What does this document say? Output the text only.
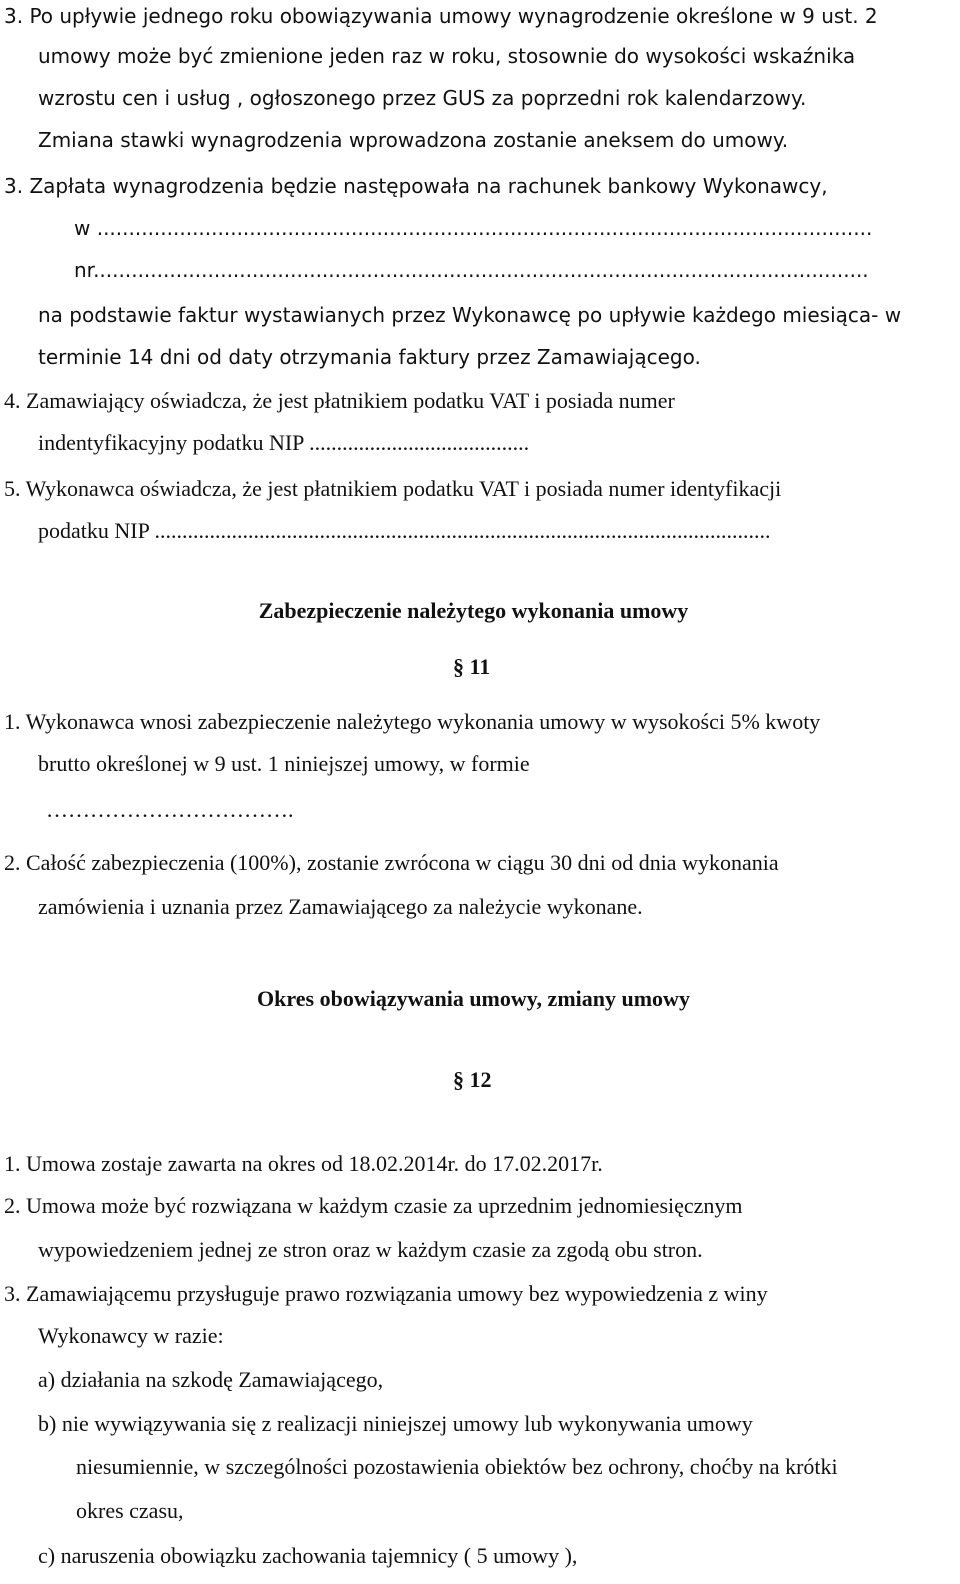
3. Po upływie jednego roku obowiązywania umowy wynagrodzenie określone w 9 ust. 2
umowy może być zmienione jeden raz w roku, stosownie do wysokości wskaźnika
wzrostu cen i usług , ogłoszonego przez GUS za poprzedni rok kalendarzowy.
Zmiana stawki wynagrodzenia wprowadzona zostanie aneksem do umowy.
3. Zapłata wynagrodzenia będzie następowała na rachunek bankowy Wykonawcy,
w ..........................................................................................................................
nr..........................................................................................................................
na podstawie faktur wystawianych przez Wykonawcę po upływie każdego miesiąca- w
terminie 14 dni od daty otrzymania faktury przez Zamawiającego.
4. Zamawiający oświadcza, że jest płatnikiem podatku VAT i posiada numer
indentyfikacyjny podatku NIP ........................................
5. Wykonawca oświadcza, że jest płatnikiem podatku VAT i posiada numer identyfikacji
podatku NIP ................................................................................................................
Zabezpieczenie należytego wykonania umowy
§ 11
1. Wykonawca wnosi zabezpieczenie należytego wykonania umowy w wysokości 5% kwoty
brutto określonej w 9 ust. 1 niniejszej umowy, w formie
…………………………….
2. Całość zabezpieczenia (100%), zostanie zwrócona w ciągu 30 dni od dnia wykonania
zamówienia i uznania przez Zamawiającego za należycie wykonane.
Okres obowiązywania umowy, zmiany umowy
§ 12
1. Umowa zostaje zawarta na okres od 18.02.2014r. do 17.02.2017r.
2. Umowa może być rozwiązana w każdym czasie za uprzednim jednomiesięcznym
wypowiedzeniem jednej ze stron oraz w każdym czasie za zgodą obu stron.
3. Zamawiającemu przysługuje prawo rozwiązania umowy bez wypowiedzenia z winy
Wykonawcy w razie:
a) działania na szkodę Zamawiającego,
b) nie wywiązywania się z realizacji niniejszej umowy lub wykonywania umowy
niesumiennie, w szczególności pozostawienia obiektów bez ochrony, choćby na krótki
okres czasu,
c) naruszenia obowiązku zachowania tajemnicy ( 5 umowy ),
